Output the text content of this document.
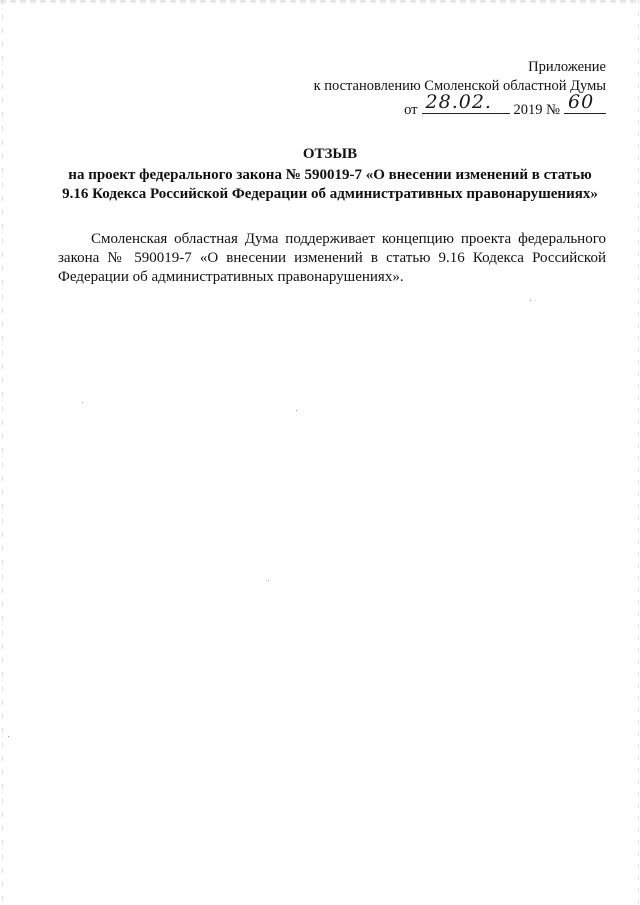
Приложение
к постановлению Смоленской областной Думы
от 28.02. 2019 № 60
ОТЗЫВ
на проект федерального закона № 590019-7 «О внесении изменений в статью
9.16 Кодекса Российской Федерации об административных правонарушениях»

Смоленская областная Дума поддерживает концепцию проекта федерального закона № 590019-7 «О внесении изменений в статью 9.16 Кодекса Российской Федерации об административных правонарушениях».
